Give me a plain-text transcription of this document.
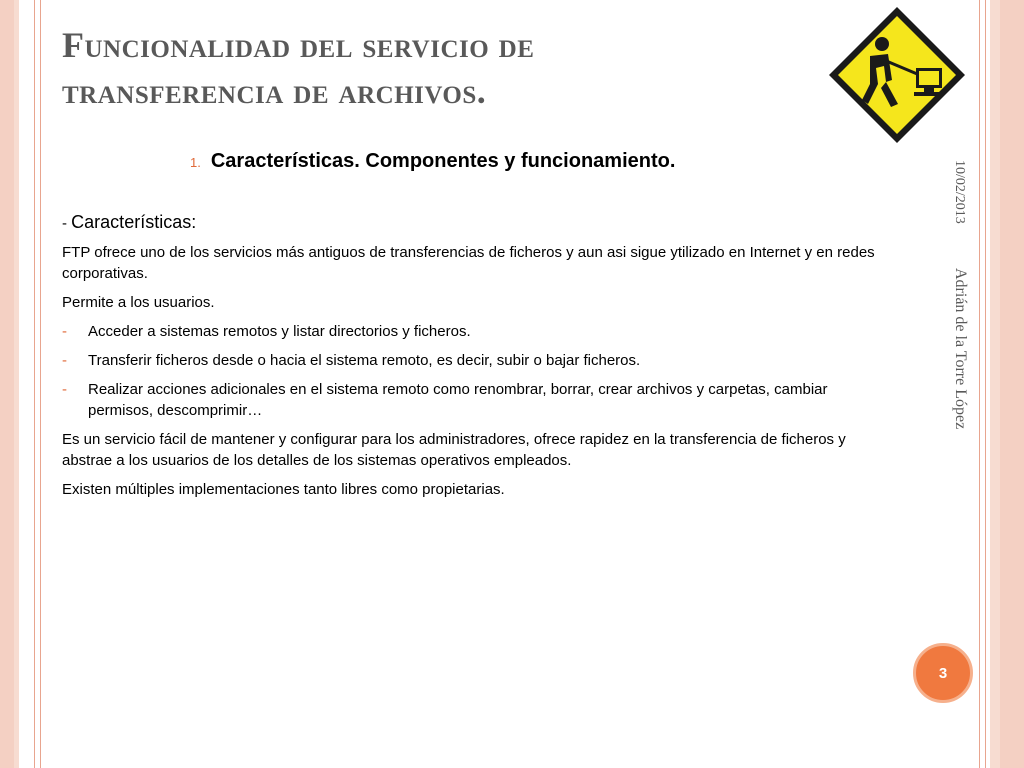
Funcionalidad del servicio de transferencia de archivos.
1. Características. Componentes y funcionamiento.
- Características:

FTP ofrece uno de los servicios más antiguos de transferencias de ficheros y aun asi sigue ytilizado en Internet y en redes corporativas.

Permite a los usuarios.

- Acceder a sistemas remotos y listar directorios y ficheros.
- Transferir ficheros desde o hacia el sistema remoto, es decir, subir o bajar ficheros.
- Realizar acciones adicionales en el sistema remoto como renombrar, borrar, crear archivos y carpetas, cambiar permisos, descomprimir…

Es un servicio fácil de mantener y configurar para los administradores, ofrece rapidez en la transferencia de ficheros y abstrae a los usuarios de los detalles de los sistemas operativos empleados.

Existen múltiples implementaciones tanto libres como propietarias.

10/02/2013
Adrián de la Torre López
3
